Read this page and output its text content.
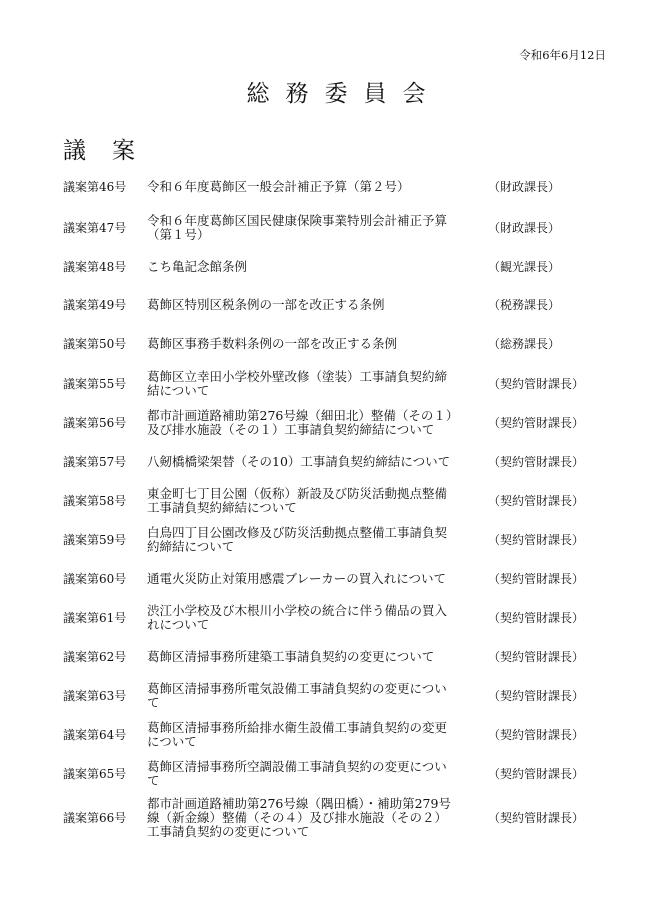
令和6年6月12日
総務委員会
議案
議案第46号 令和６年度葛飾区一般会計補正予算（第２号）	（財政課長）
議案第47号 令和６年度葛飾区国民健康保険事業特別会計補正予算
（第１号）	（財政課長）
議案第48号 こち亀記念館条例	（観光課長）
議案第49号 葛飾区特別区税条例の一部を改正する条例	（税務課長）
議案第50号 葛飾区事務手数料条例の一部を改正する条例	（総務課長）
議案第55号 葛飾区立幸田小学校外壁改修（塗装）工事請負契約締
結について	（契約管財課長）
議案第56号 都市計画道路補助第276号線（細田北）整備（その１）
及び排水施設（その１）工事請負契約締結について	（契約管財課長）
議案第57号 八剱橋橋梁架替（その10）工事請負契約締結について	（契約管財課長）
議案第58号 東金町七丁目公園（仮称）新設及び防災活動拠点整備
工事請負契約締結について	（契約管財課長）
議案第59号 白鳥四丁目公園改修及び防災活動拠点整備工事請負契
約締結について	（契約管財課長）
議案第60号 通電火災防止対策用感震ブレーカーの買入れについて	（契約管財課長）
議案第61号 渋江小学校及び木根川小学校の統合に伴う備品の買入
れについて	（契約管財課長）
議案第62号 葛飾区清掃事務所建築工事請負契約の変更について	（契約管財課長）
議案第63号 葛飾区清掃事務所電気設備工事請負契約の変更につい
て	（契約管財課長）
議案第64号 葛飾区清掃事務所給排水衛生設備工事請負契約の変更
について	（契約管財課長）
議案第65号 葛飾区清掃事務所空調設備工事請負契約の変更につい
て	（契約管財課長）
議案第66号
都市計画道路補助第276号線（隅田橋）・補助第279号
線（新金線）整備（その４）及び排水施設（その２）
工事請負契約の変更について
（契約管財課長）
